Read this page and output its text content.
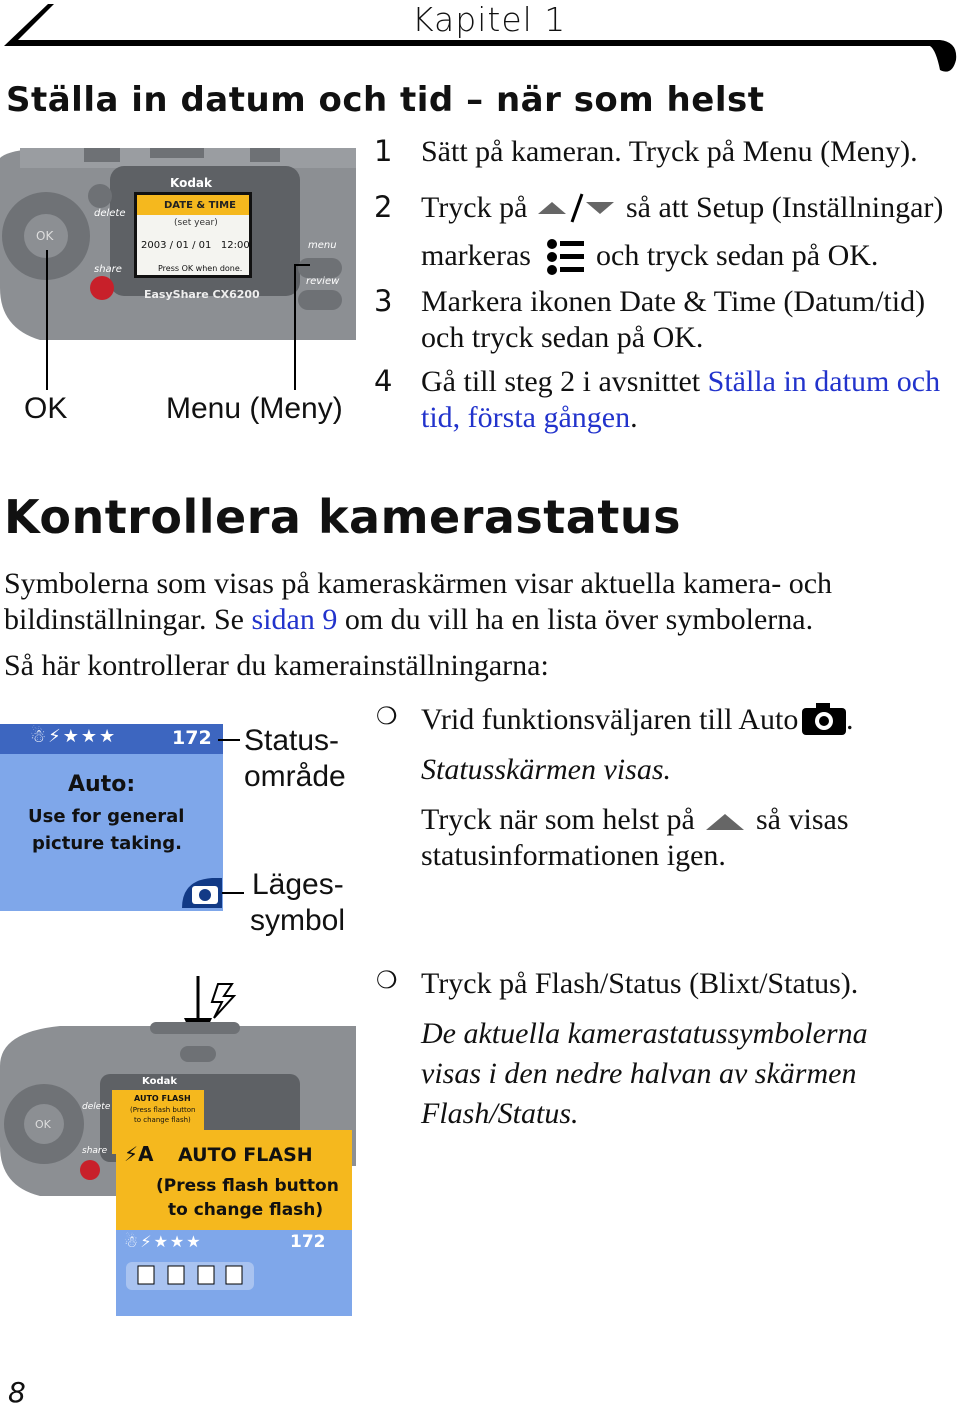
Kapitel 1
Ställa in datum och tid – när som helst
Kodak
delete
share
OK
menu
review
DATE & TIME
(set year)
2003 / 01 / 01   12:00
Press OK when done.
EasyShare CX6200
OK	Menu (Meny)
1 Sätt på kameran. Tryck på Menu (Meny).
2 Tryck på	så att Setup (Inställningar)
markeras och tryck sedan på OK.
3 Markera ikonen Date & Time (Datum/tid)
och tryck sedan på OK.
4 Gå till steg 2 i avsnittet Ställa in datum och
tid, första gången.
Kontrollera kamerastatus
Symbolerna som visas på kameraskärmen visar aktuella kamera- och
bildinställningar. Se sidan 9 om du vill ha en lista över symbolerna.
Så här kontrollerar du kamerainställningarna:
☃⚡★★★	172
Auto:
Use for general
picture taking.
Status-
område
Läges-
symbol
❍ Vrid funktionsväljaren till Auto .
Statusskärmen visas.
Tryck när som helst på så visas
statusinformationen igen.
Kodak
delete
share
OK
AUTO FLASH
(Press flash button
to change flash)
⚡A AUTO FLASH
(Press flash button
to change flash)
☃⚡★★★	172
❍ Tryck på Flash/Status (Blixt/Status).
De aktuella kamerastatussymbolerna
visas i den nedre halvan av skärmen
Flash/Status.
8
